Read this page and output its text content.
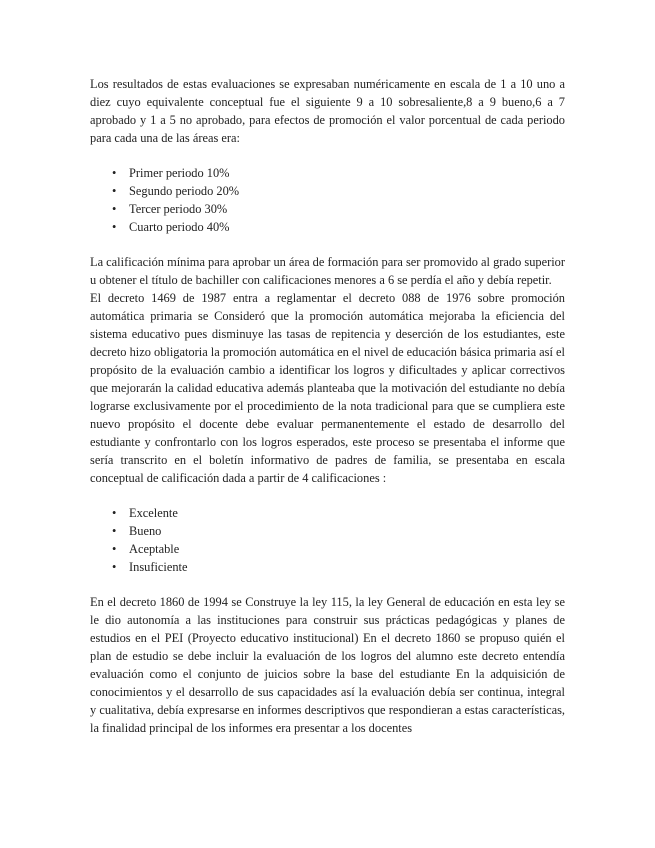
Los resultados de estas evaluaciones se expresaban numéricamente en escala de 1 a 10 uno a diez cuyo equivalente conceptual fue el siguiente 9 a 10 sobresaliente,8 a 9 bueno,6 a 7 aprobado y 1 a 5 no aprobado, para efectos de promoción el valor porcentual de cada periodo para cada una de las áreas era:

• Primer periodo 10%
• Segundo periodo 20%
• Tercer periodo 30%
• Cuarto periodo 40%

La calificación mínima para aprobar un área de formación para ser promovido al grado superior u obtener el título de bachiller con calificaciones menores a 6 se perdía el año y debía repetir.

El decreto 1469 de 1987 entra a reglamentar el decreto 088 de 1976 sobre promoción automática primaria se Consideró que la promoción automática mejoraba la eficiencia del sistema educativo pues disminuye las tasas de repitencia y deserción de los estudiantes, este decreto hizo obligatoria la promoción automática en el nivel de educación básica primaria así el propósito de la evaluación cambio a identificar los logros y dificultades y aplicar correctivos que mejorarán la calidad educativa además planteaba que la motivación del estudiante no debía lograrse exclusivamente por el procedimiento de la nota tradicional para que se cumpliera este nuevo propósito el docente debe evaluar permanentemente el estado de desarrollo del estudiante y confrontarlo con los logros esperados, este proceso se presentaba el informe que sería transcrito en el boletín informativo de padres de familia, se presentaba en escala conceptual de calificación dada a partir de 4 calificaciones :

• Excelente
• Bueno
• Aceptable
• Insuficiente

En el decreto 1860 de 1994 se Construye la ley 115, la ley General de educación en esta ley se le dio autonomía a las instituciones para construir sus prácticas pedagógicas y planes de estudios en el PEI (Proyecto educativo institucional) En el decreto 1860 se propuso quién el plan de estudio se debe incluir la evaluación de los logros del alumno este decreto entendía evaluación como el conjunto de juicios sobre la base del estudiante En la adquisición de conocimientos y el desarrollo de sus capacidades así la evaluación debía ser continua, integral y cualitativa, debía expresarse en informes descriptivos que respondieran a estas características, la finalidad principal de los informes era presentar a los docentes
